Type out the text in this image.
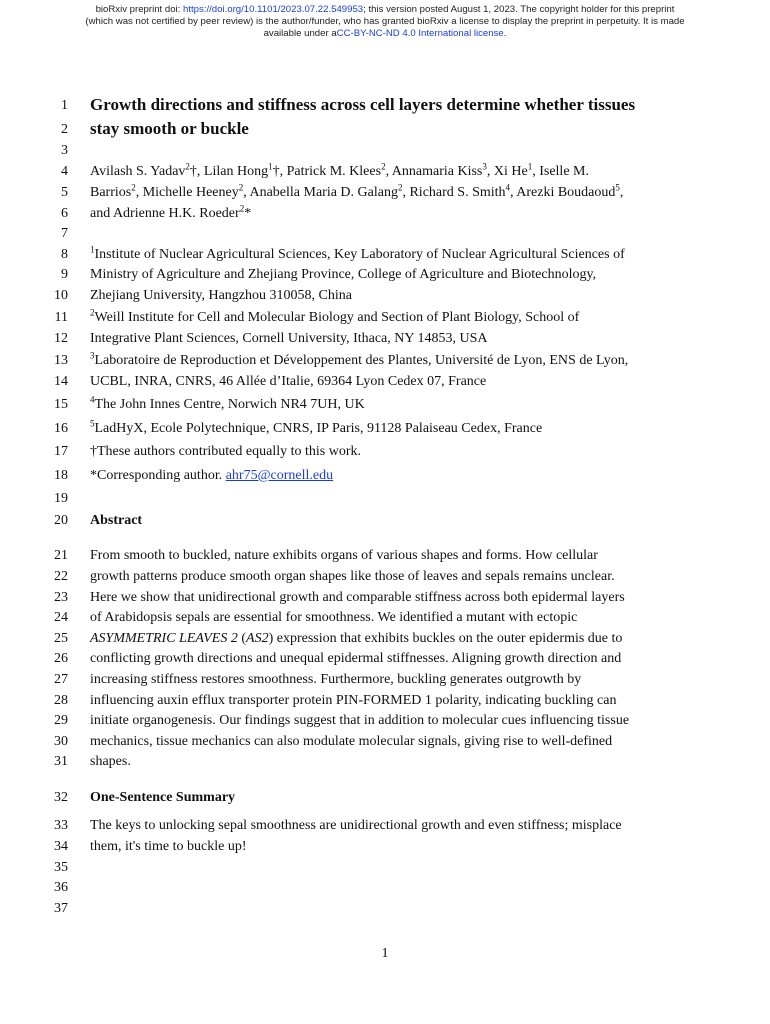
bioRxiv preprint doi: https://doi.org/10.1101/2023.07.22.549953; this version posted August 1, 2023. The copyright holder for this preprint
(which was not certified by peer review) is the author/funder, who has granted bioRxiv a license to display the preprint in perpetuity. It is made
available under aCC-BY-NC-ND 4.0 International license.
1
2
3
4
5
6
7
8
9
10
11
12
13
14
15
16
17
18
19
20
21
22
23
24
25
26
27
28
29
30
31
32
33
34
35
36
37
Growth directions and stiffness across cell layers determine whether tissues
stay smooth or buckle
Avilash S. Yadav$^2$†, Lilan Hong$^1$†, Patrick M. Klees$^2$, Annamaria Kiss$^3$, Xi He$^1$, Iselle M.
Barrios$^2$, Michelle Heeney$^2$, Anabella Maria D. Galang$^2$, Richard S. Smith$^4$, Arezki Boudaoud$^5$,
and Adrienne H.K. Roeder$^2$*
$^1$Institute of Nuclear Agricultural Sciences, Key Laboratory of Nuclear Agricultural Sciences of
Ministry of Agriculture and Zhejiang Province, College of Agriculture and Biotechnology,
Zhejiang University, Hangzhou 310058, China
$^2$Weill Institute for Cell and Molecular Biology and Section of Plant Biology, School of
Integrative Plant Sciences, Cornell University, Ithaca, NY 14853, USA
$^3$Laboratoire de Reproduction et Développement des Plantes, Université de Lyon, ENS de Lyon,
UCBL, INRA, CNRS, 46 Allée d’Italie, 69364 Lyon Cedex 07, France
$^4$The John Innes Centre, Norwich NR4 7UH, UK
$^5$LadHyX, Ecole Polytechnique, CNRS, IP Paris, 91128 Palaiseau Cedex, France
†These authors contributed equally to this work.
*Corresponding author. ahr75@cornell.edu
Abstract
From smooth to buckled, nature exhibits organs of various shapes and forms. How cellular
growth patterns produce smooth organ shapes like those of leaves and sepals remains unclear.
Here we show that unidirectional growth and comparable stiffness across both epidermal layers
of Arabidopsis sepals are essential for smoothness. We identified a mutant with ectopic
ASYMMETRIC LEAVES 2 (AS2) expression that exhibits buckles on the outer epidermis due to
conflicting growth directions and unequal epidermal stiffnesses. Aligning growth direction and
increasing stiffness restores smoothness. Furthermore, buckling generates outgrowth by
influencing auxin efflux transporter protein PIN-FORMED 1 polarity, indicating buckling can
initiate organogenesis. Our findings suggest that in addition to molecular cues influencing tissue
mechanics, tissue mechanics can also modulate molecular signals, giving rise to well-defined
shapes.
One-Sentence Summary
The keys to unlocking sepal smoothness are unidirectional growth and even stiffness; misplace
them, it's time to buckle up!
1
